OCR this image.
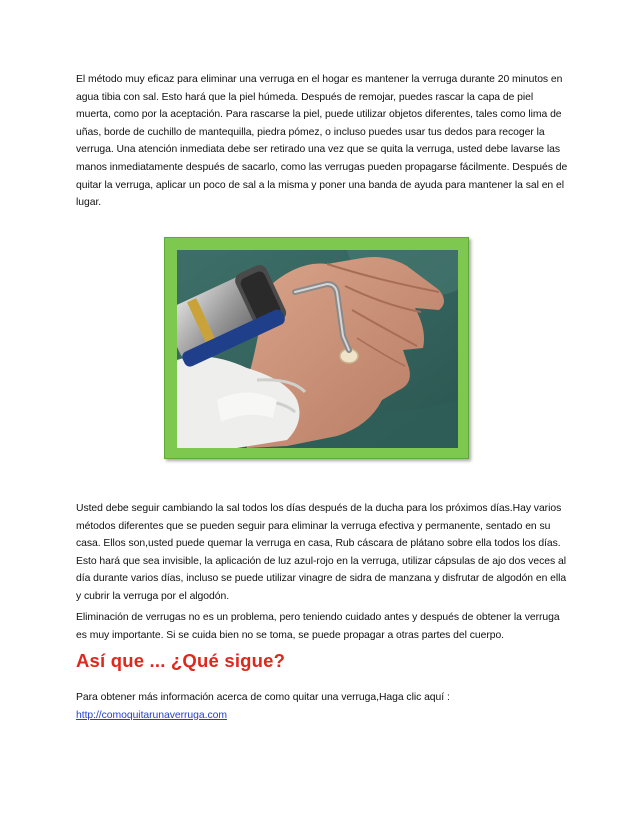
El método muy eficaz para eliminar una verruga en el hogar es mantener la verruga durante 20 minutos en agua tibia con sal. Esto hará que la piel húmeda. Después de remojar, puedes rascar la capa de piel muerta, como por la aceptación. Para rascarse la piel, puede utilizar objetos diferentes, tales como lima de uñas, borde de cuchillo de mantequilla, piedra pómez, o incluso puedes usar tus dedos para recoger la verruga. Una atención inmediata debe ser retirado una vez que se quita la verruga, usted debe lavarse las manos inmediatamente después de sacarlo, como las verrugas pueden propagarse fácilmente. Después de quitar la verruga, aplicar un poco de sal a la misma y poner una banda de ayuda para mantener la sal en el lugar.

Usted debe seguir cambiando la sal todos los días después de la ducha para los próximos días.Hay varios métodos diferentes que se pueden seguir para eliminar la verruga efectiva y permanente, sentado en su casa. Ellos son,usted puede quemar la verruga en casa, Rub cáscara de plátano sobre ella todos los días. Esto hará que sea invisible, la aplicación de luz azul-rojo en la verruga, utilizar cápsulas de ajo dos veces al día durante varios días, incluso se puede utilizar vinagre de sidra de manzana y disfrutar de algodón en ella y cubrir la verruga por el algodón.

Eliminación de verrugas no es un problema, pero teniendo cuidado antes y después de obtener la verruga es muy importante. Si se cuida bien no se toma, se puede propagar a otras partes del cuerpo.

Así que ... ¿Qué sigue?
Para obtener más información acerca de como quitar una verruga,Haga clic aquí :
http://comoquitarunaverruga.com
